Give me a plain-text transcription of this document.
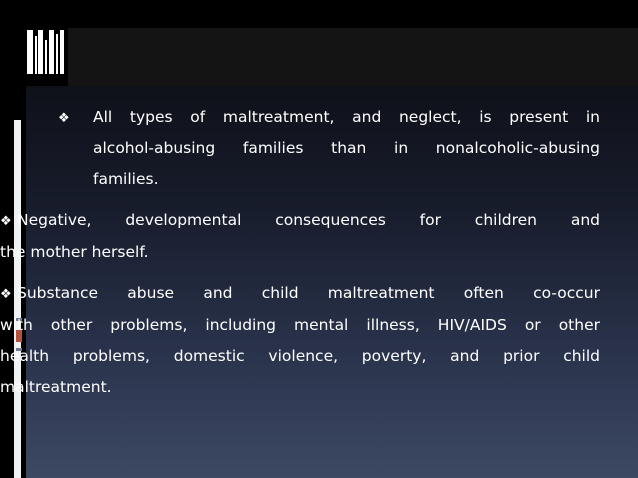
❖	All types of maltreatment, and neglect, is present in
alcohol-abusing families than in nonalcoholic-abusing
families.
❖ Negative, developmental consequences for children and
the mother herself.
❖ Substance abuse and child maltreatment often co-occur
with other problems, including mental illness, HIV/AIDS or other
health problems, domestic violence, poverty, and prior child
maltreatment.
